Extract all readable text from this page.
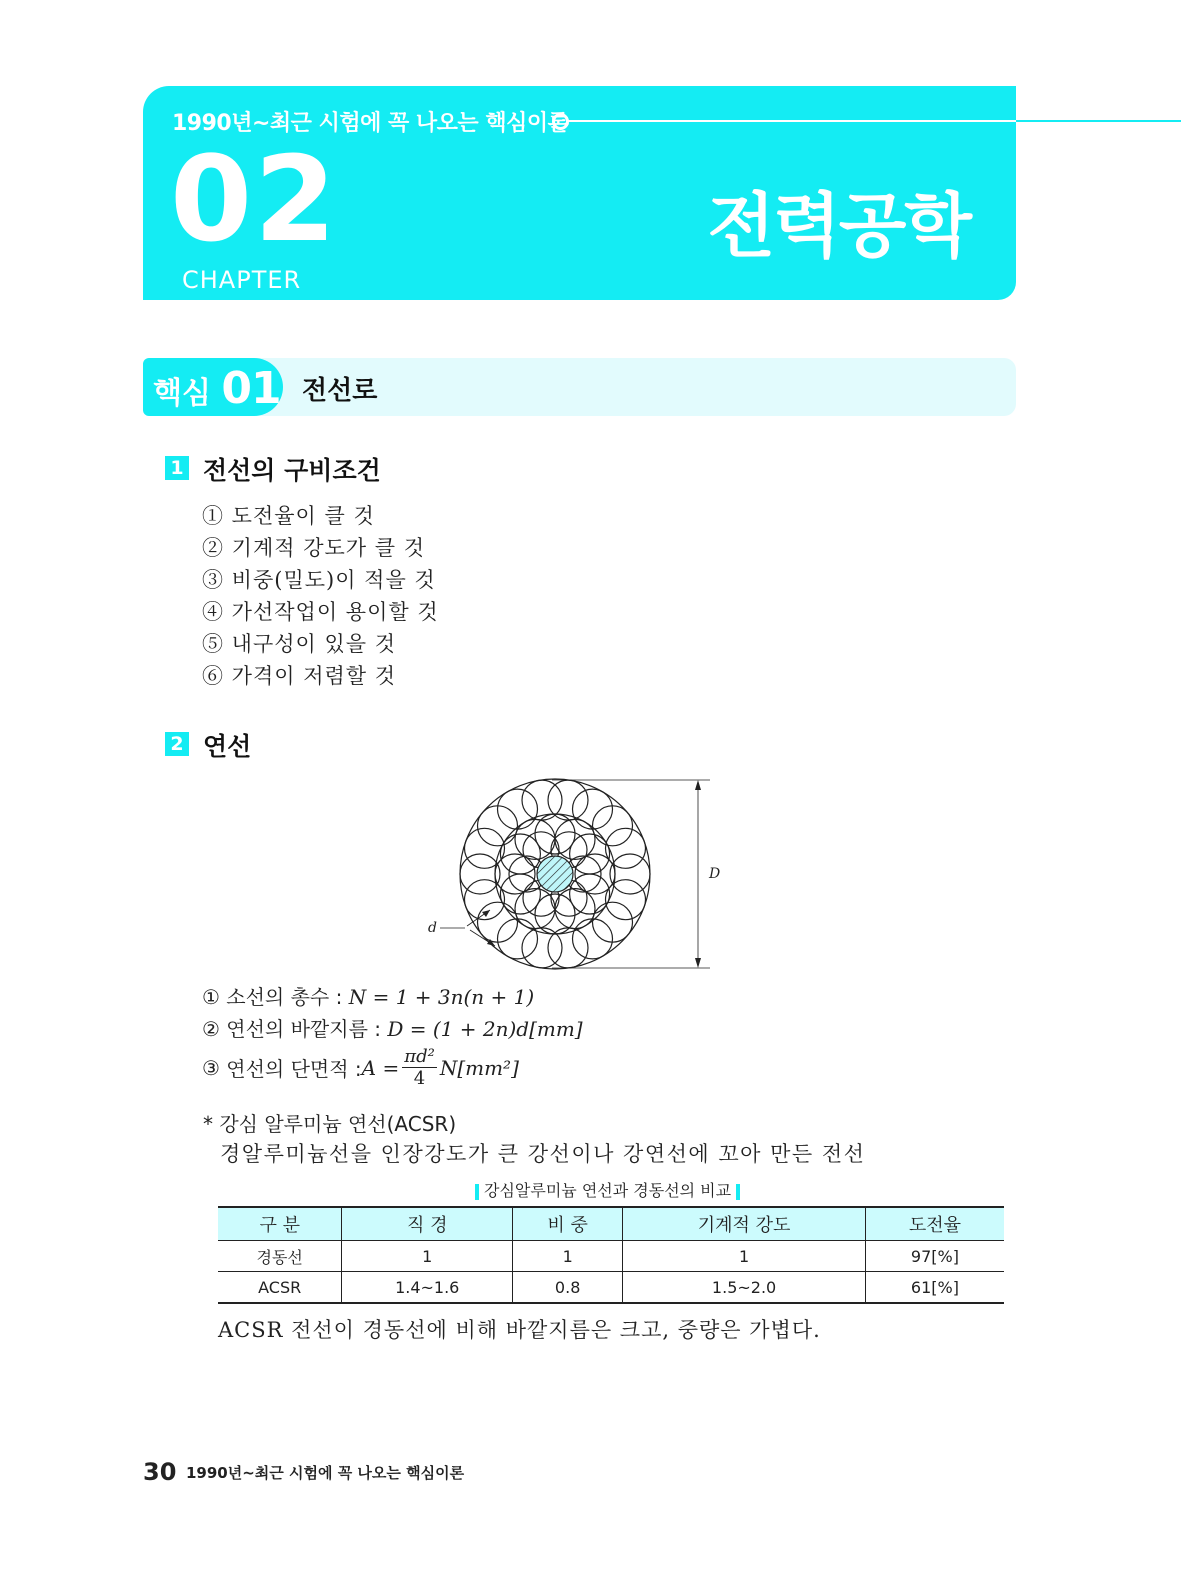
1990년~최근 시험에 꼭 나오는 핵심이론
02
CHAPTER
전력공학
핵심 01 전선로
1 전선의 구비조건
① 도전율이 클 것
② 기계적 강도가 클 것
③ 비중(밀도)이 적을 것
④ 가선작업이 용이할 것
⑤ 내구성이 있을 것
⑥ 가격이 저렴할 것
2 연선
D
d
① 소선의 총수 : N = 1 + 3n(n + 1)
② 연선의 바깥지름 : D = (1 + 2n)d[mm]
③
연선의 단면적 : $A = \frac{\text{πd²}}{4} N[mm^2]$
* 강심 알루미늄 연선(ACSR)
경알루미늄선을 인장강도가 큰 강선이나 강연선에 꼬아 만든 전선
강심알루미늄 연선과 경동선의 비교
구 분	직 경	비 중	기계적 강도	도전율
경동선	1	1	1	97[%]
ACSR	1.4~1.6	0.8	1.5~2.0	61[%]
ACSR 전선이 경동선에 비해 바깥지름은 크고, 중량은 가볍다.
30 1990년~최근 시험에 꼭 나오는 핵심이론
